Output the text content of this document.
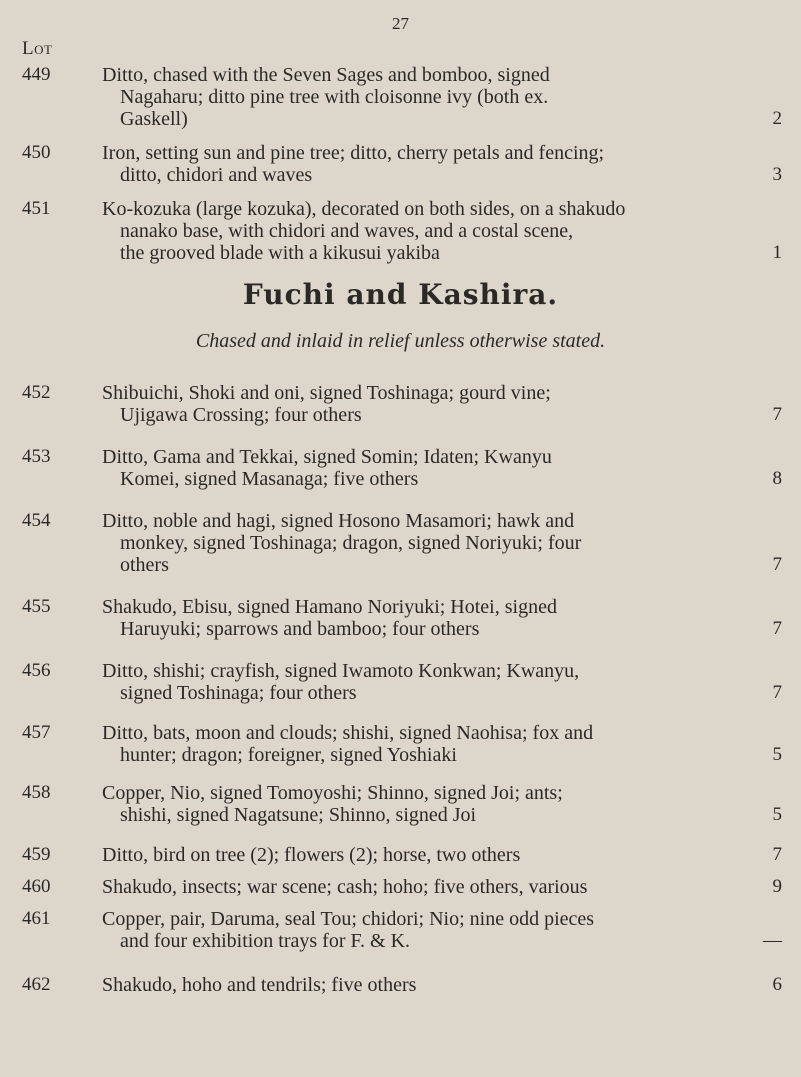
27
Lot
449	Ditto, chased with the Seven Sages and bomboo, signed
Nagaharu; ditto pine tree with cloisonne ivy (both ex.
Gaskell)	2
450	Iron, setting sun and pine tree; ditto, cherry petals and fencing;
ditto, chidori and waves	3
451	Ko-kozuka (large kozuka), decorated on both sides, on a shakudo
nanako base, with chidori and waves, and a costal scene,
the grooved blade with a kikusui yakiba	1
Fuchi and Kashira.
Chased and inlaid in relief unless otherwise stated.
452	Shibuichi, Shoki and oni, signed Toshinaga; gourd vine;
Ujigawa Crossing; four others	7
453	Ditto, Gama and Tekkai, signed Somin; Idaten; Kwanyu
Komei, signed Masanaga; five others	8
454	Ditto, noble and hagi, signed Hosono Masamori; hawk and
monkey, signed Toshinaga; dragon, signed Noriyuki; four
others	7
455	Shakudo, Ebisu, signed Hamano Noriyuki; Hotei, signed
Haruyuki; sparrows and bamboo; four others	7
456	Ditto, shishi; crayfish, signed Iwamoto Konkwan; Kwanyu,
signed Toshinaga; four others	7
457	Ditto, bats, moon and clouds; shishi, signed Naohisa; fox and
hunter; dragon; foreigner, signed Yoshiaki	5
458	Copper, Nio, signed Tomoyoshi; Shinno, signed Joi; ants;
shishi, signed Nagatsune; Shinno, signed Joi	5
459	Ditto, bird on tree (2); flowers (2); horse, two others	7
460	Shakudo, insects; war scene; cash; hoho; five others, various	9
461	Copper, pair, Daruma, seal Tou; chidori; Nio; nine odd pieces
and four exhibition trays for F. & K.	—
462	Shakudo, hoho and tendrils; five others	6
